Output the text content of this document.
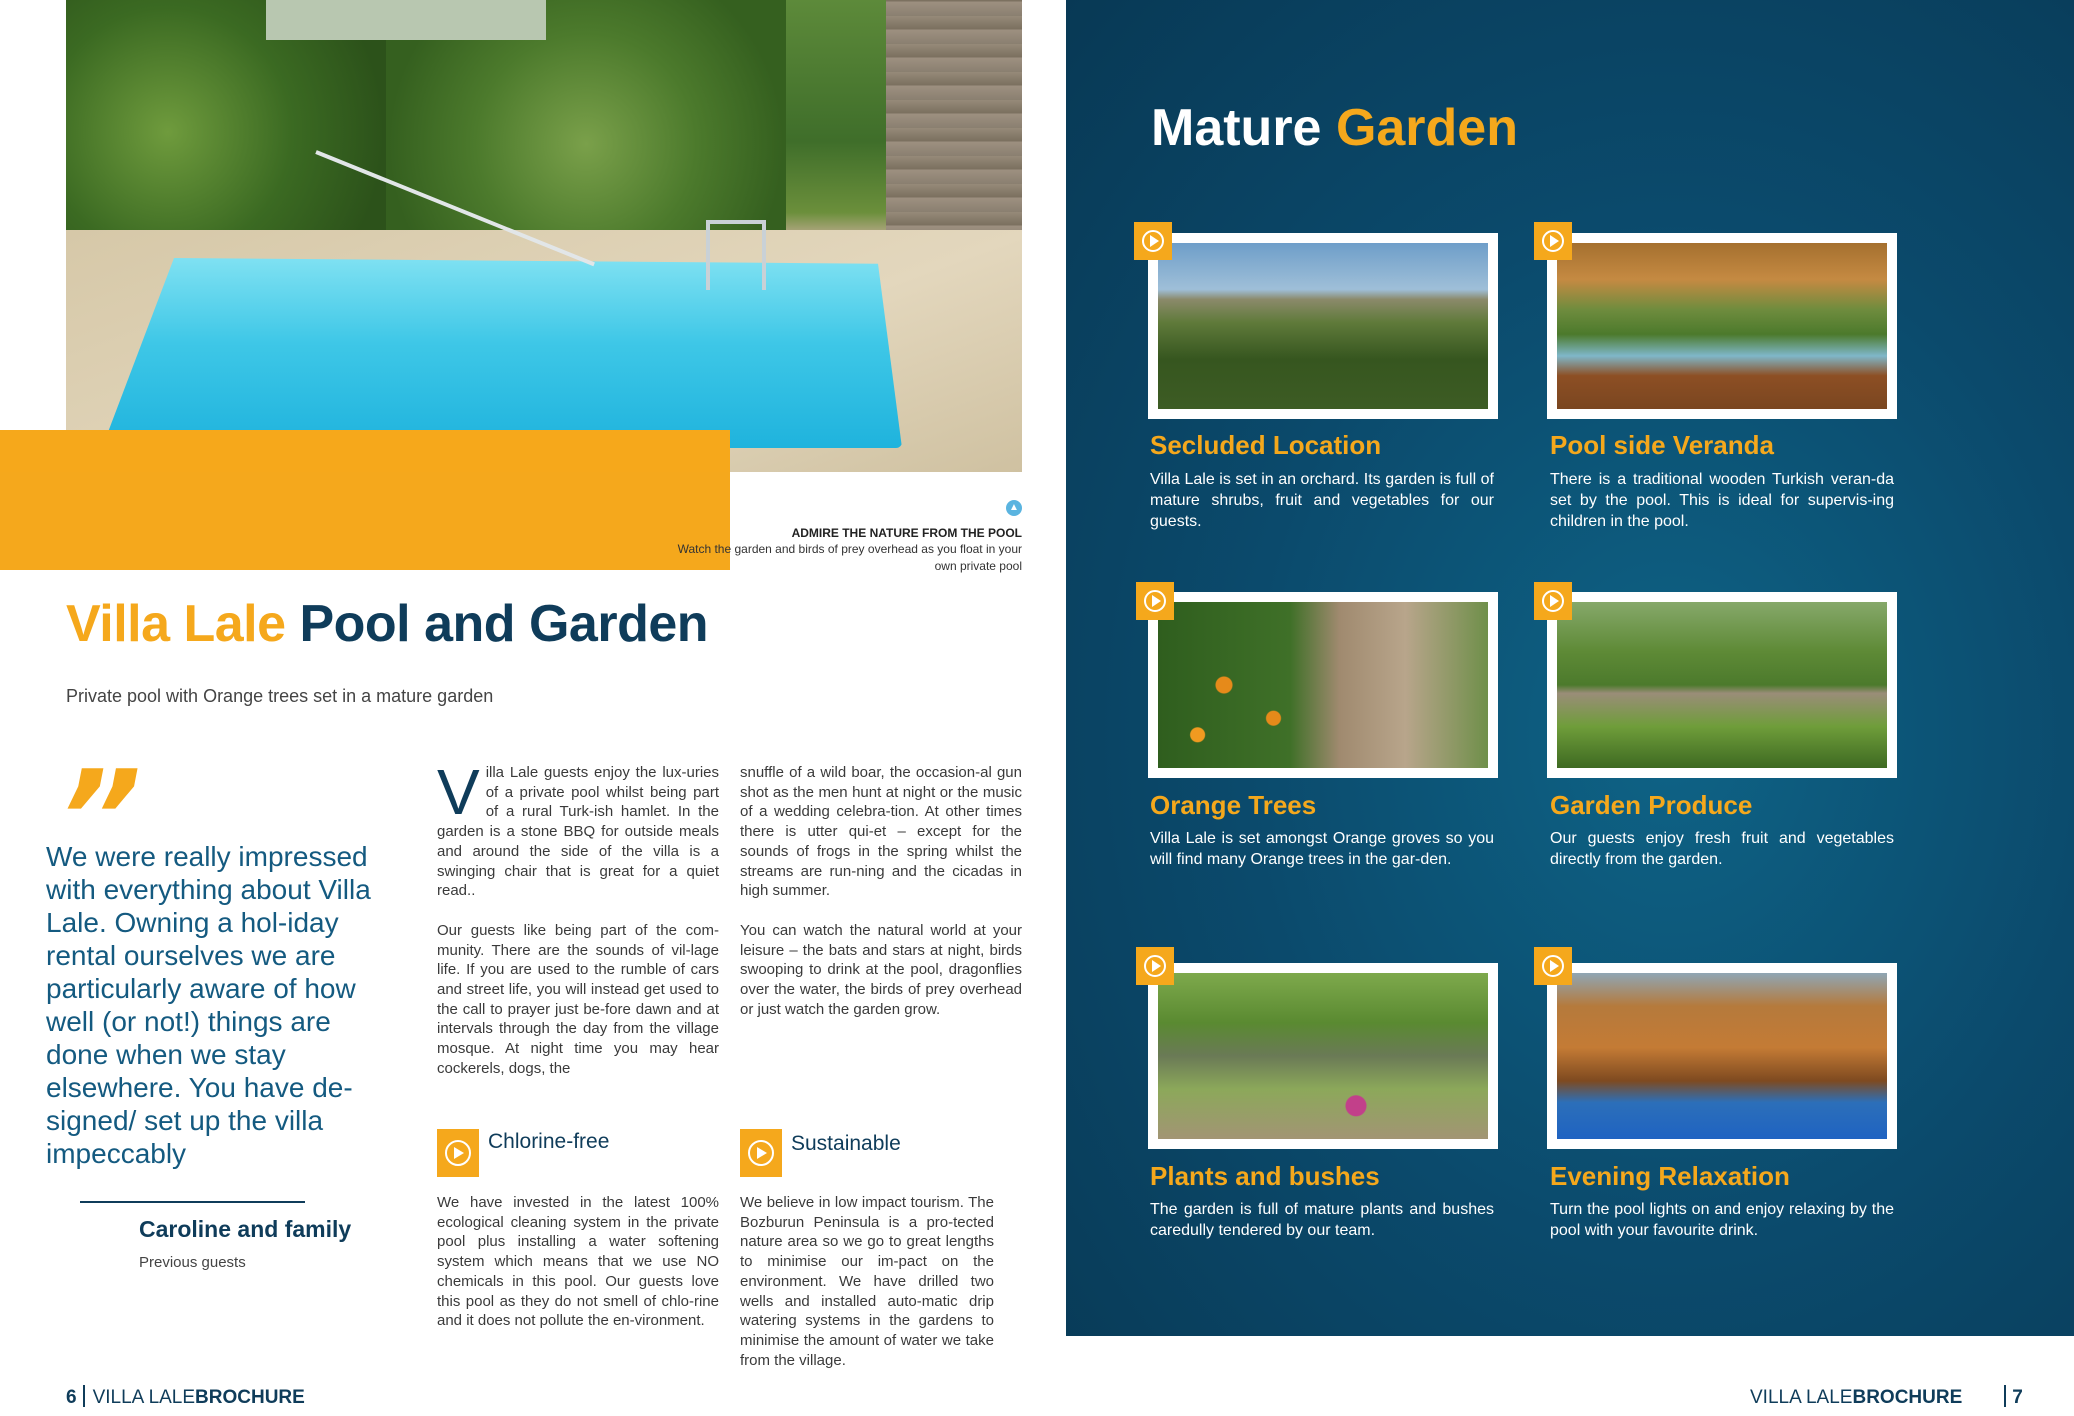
▲
ADMIRE THE NATURE FROM THE POOL
Watch the garden and birds of prey overhead as you float in your own private pool
Villa Lale Pool and Garden
Private pool with Orange trees set in a mature garden
”
We were really impressed with everything about Villa Lale. Owning a hol-iday rental ourselves we are particularly aware of how well (or not!) things are done when we stay elsewhere. You have de-signed/ set up the villa impeccably
Caroline and family
Previous guests

Villa Lale guests enjoy the lux-uries of a private pool whilst being part of a rural Turk-ish hamlet. In the garden is a stone BBQ for outside meals and around the side of the villa is a swinging chair that is great for a quiet read..

Our guests like being part of the com-munity. There are the sounds of vil-lage life. If you are used to the rumble of cars and street life, you will instead get used to the call to prayer just be-fore dawn and at intervals through the day from the village mosque. At night time you may hear cockerels, dogs, the

snuffle of a wild boar, the occasion-al gun shot as the men hunt at night or the music of a wedding celebra-tion. At other times there is utter qui-et – except for the sounds of frogs in the spring whilst the streams are run-ning and the cicadas in high summer.

You can watch the natural world at your leisure – the bats and stars at night, birds swooping to drink at the pool, dragonflies over the water, the birds of prey overhead or just watch the garden grow.

Chlorine-free
We have invested in the latest 100% ecological cleaning system in the private pool plus installing a water softening system which means that we use NO chemicals in this pool. Our guests love this pool as they do not smell of chlo-rine and it does not pollute the en-vironment.
Sustainable
We believe in low impact tourism. The Bozburun Peninsula is a pro-tected nature area so we go to great lengths to minimise our im-pact on the environment. We have drilled two wells and installed auto-matic drip watering systems in the gardens to minimise the amount of water we take from the village.
6 VILLA LALEBROCHURE
Mature Garden
Secluded Location
Villa Lale is set in an orchard. Its garden is full of mature shrubs, fruit and vegetables for our guests.
Pool side Veranda
There is a traditional wooden Turkish veran-da set by the pool. This is ideal for supervis-ing children in the pool.
Orange Trees
Villa Lale is set amongst Orange groves so you will find many Orange trees in the gar-den.
Garden Produce
Our guests enjoy fresh fruit and vegetables directly from the garden.
Plants and bushes
The garden is full of mature plants and bushes caredully tendered by our team.
Evening Relaxation
Turn the pool lights on and enjoy relaxing by the pool with your favourite drink.
VILLA LALEBROCHURE	7
